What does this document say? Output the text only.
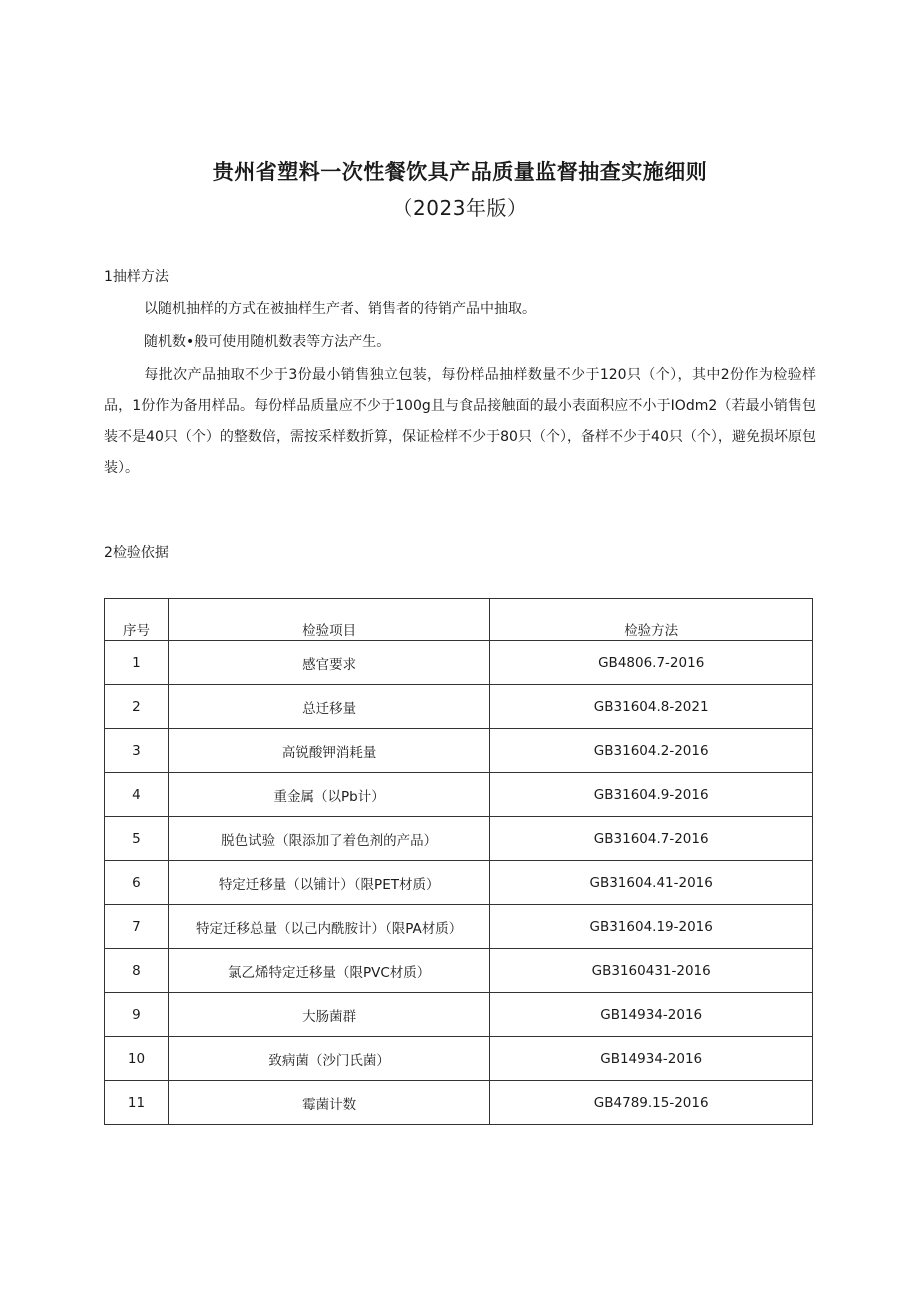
贵州省塑料一次性餐饮具产品质量监督抽查实施细则
（2023年版）
1抽样方法
以随机抽样的方式在被抽样生产者、销售者的待销产品中抽取。
随机数•般可使用随机数表等方法产生。
每批次产品抽取不少于3份最小销售独立包装，每份样品抽样数量不少于120只（个），其中2份作为检验样品，1份作为备用样品。每份样品质量应不少于100g且与食品接触面的最小表面积应不小于IOdm2（若最小销售包装不是40只（个）的整数倍，需按采样数折算，保证检样不少于80只（个），备样不少于40只（个），避免损坏原包装）。
2检验依据
序号	检验项目	检验方法
1	感官要求	GB4806.7-2016
2	总迁移量	GB31604.8-2021
3	高锐酸钾消耗量	GB31604.2-2016
4	重金属（以Pb计）	GB31604.9-2016
5	脱色试验（限添加了着色剂的产品）	GB31604.7-2016
6	特定迁移量（以铺计）（限PET材质）	GB31604.41-2016
7	特定迁移总量（以己内酰胺计）（限PA材质）	GB31604.19-2016
8	氯乙烯特定迁移量（限PVC材质）	GB3160431-2016
9	大肠菌群	GB14934-2016
10	致病菌（沙门氏菌）	GB14934-2016
11	霉菌计数	GB4789.15-2016
